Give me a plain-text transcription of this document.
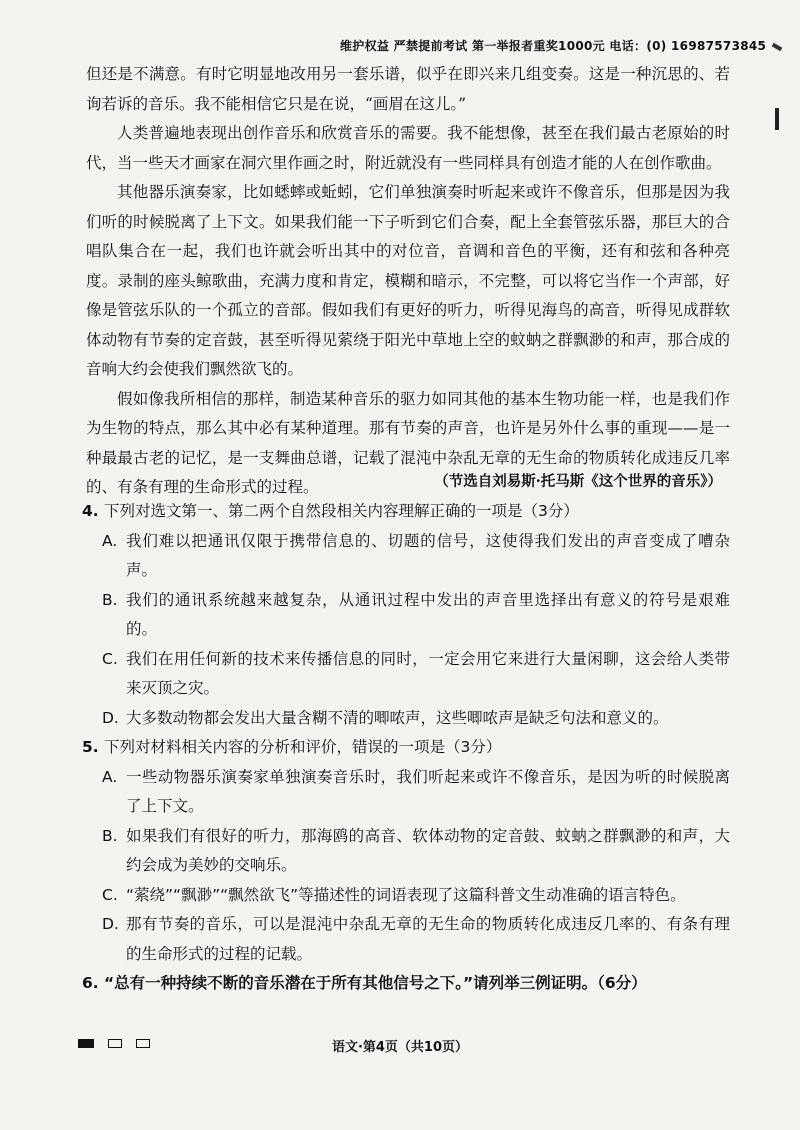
维护权益 严禁提前考试 第一举报者重奖1000元 电话：(0) 16987573845

但还是不满意。有时它明显地改用另一套乐谱，似乎在即兴来几组变奏。这是一种沉思的、若询若诉的音乐。我不能相信它只是在说，“画眉在这儿。”

人类普遍地表现出创作音乐和欣赏音乐的需要。我不能想像，甚至在我们最古老原始的时代，当一些天才画家在洞穴里作画之时，附近就没有一些同样具有创造才能的人在创作歌曲。

其他器乐演奏家，比如蟋蟀或蚯蚓，它们单独演奏时听起来或许不像音乐，但那是因为我们听的时候脱离了上下文。如果我们能一下子听到它们合奏，配上全套管弦乐器，那巨大的合唱队集合在一起，我们也许就会听出其中的对位音，音调和音色的平衡，还有和弦和各种亮度。录制的座头鲸歌曲，充满力度和肯定，模糊和暗示，不完整，可以将它当作一个声部，好像是管弦乐队的一个孤立的音部。假如我们有更好的听力，听得见海鸟的高音，听得见成群软体动物有节奏的定音鼓，甚至听得见萦绕于阳光中草地上空的蚊蚋之群飘渺的和声，那合成的音响大约会使我们飘然欲飞的。

假如像我所相信的那样，制造某种音乐的驱力如同其他的基本生物功能一样，也是我们作为生物的特点，那么其中必有某种道理。那有节奏的声音，也许是另外什么事的重现——是一种最最古老的记忆，是一支舞曲总谱，记载了混沌中杂乱无章的无生命的物质转化成违反几率的、有条有理的生命形式的过程。	（节选自刘易斯·托马斯《这个世界的音乐》）
4. 下列对选文第一、第二两个自然段相关内容理解正确的一项是（3分）
A. 我们难以把通讯仅限于携带信息的、切题的信号，这使得我们发出的声音变成了嘈杂声。
B. 我们的通讯系统越来越复杂，从通讯过程中发出的声音里选择出有意义的符号是艰难的。
C. 我们在用任何新的技术来传播信息的同时，一定会用它来进行大量闲聊，这会给人类带来灭顶之灾。
D. 大多数动物都会发出大量含糊不清的唧哝声，这些唧哝声是缺乏句法和意义的。
5. 下列对材料相关内容的分析和评价，错误的一项是（3分）
A. 一些动物器乐演奏家单独演奏音乐时，我们听起来或许不像音乐，是因为听的时候脱离了上下文。
B. 如果我们有很好的听力，那海鸥的高音、软体动物的定音鼓、蚊蚋之群飘渺的和声，大约会成为美妙的交响乐。
C. “萦绕”“飘渺”“飘然欲飞”等描述性的词语表现了这篇科普文生动准确的语言特色。
D. 那有节奏的音乐，可以是混沌中杂乱无章的无生命的物质转化成违反几率的、有条有理的生命形式的过程的记载。
6. “总有一种持续不断的音乐潜在于所有其他信号之下。”请列举三例证明。（6分）
语文·第4页（共10页）
